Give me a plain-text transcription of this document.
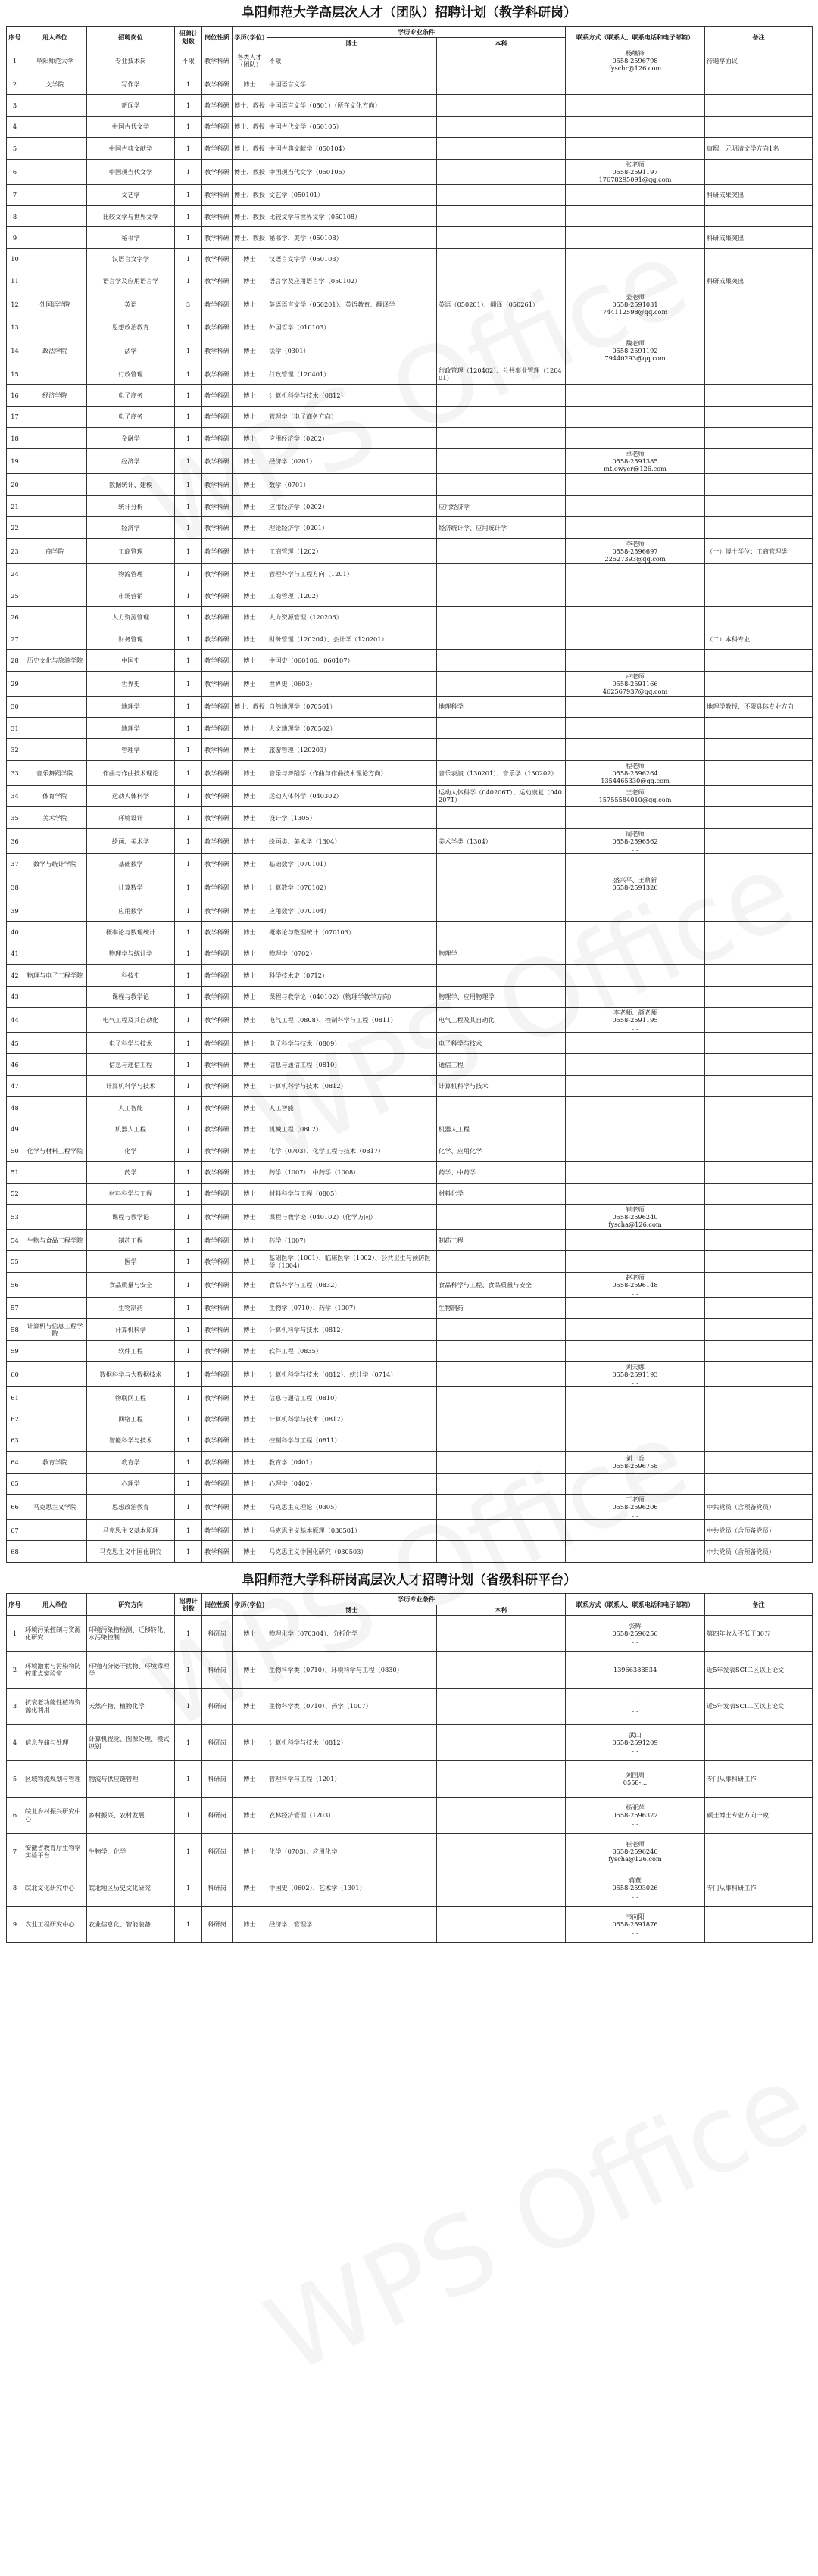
阜阳师范大学高层次人才（团队）招聘计划（教学科研岗）
序号	用人单位	招聘岗位	招聘计划数	岗位性质	学历(学位)	学历专业条件		联系方式（联系人、联系电话和电子邮箱）	备注
						博士	本科		
1	阜阳师范大学	专业技术岗	不限	教学科研	各类人才（团队）	不限		杨继锋
0558-2596798
fyschr@126.com	待遇享面议
2	文学院	写作学	1	教学科研	博士	中国语言文学			
3		新闻学	1	教学科研	博士、教授	中国语言文学（0501）（所在文化方向）			
4		中国古代文学	1	教学科研	博士、教授	中国古代文学（050105）			
5		中国古典文献学	1	教学科研	博士、教授	中国古典文献学（050104）			康熙、元明清文学方向1名
6		中国现当代文学	1	教学科研	博士、教授	中国现当代文学（050106）		张老师
0558-2591197
17678295091@qq.com	
7		文艺学	1	教学科研	博士、教授	文艺学（050101）			科研成果突出
8		比较文学与世界文学	1	教学科研	博士、教授	比较文学与世界文学（050108）			
9		秘书学	1	教学科研	博士、教授	秘书学、美学（050108）			科研成果突出
10		汉语言文字学	1	教学科研	博士	汉语言文字学（050103）			
11		语言学及应用语言学	1	教学科研	博士	语言学及应用语言学（050102）			科研成果突出
12	外国语学院	英语	3	教学科研	博士	英语语言文学（050201）、英语教育、翻译学	英语（050201）、翻译（050261）	姜老师
0558-2591031
744112598@qq.com	
13		思想政治教育	1	教学科研	博士	外国哲学（010103）			
14	政法学院	法学	1	教学科研	博士	法学（0301）		魏老师
0558-2591192
79440293@qq.com	
15		行政管理	1	教学科研	博士	行政管理（120401）	行政管理（120402）、公共事业管理（120401）		
16	经济学院	电子商务	1	教学科研	博士	计算机科学与技术（0812）			
17		电子商务	1	教学科研	博士	管理学（电子商务方向）			
18		金融学	1	教学科研	博士	应用经济学（0202）			
19		经济学	1	教学科研	博士	经济学（0201）		卓老师
0558-2591385
mtlowyer@126.com	
20		数据统计、建模	1	教学科研	博士	数学（0701）			
21		统计分析	1	教学科研	博士	应用经济学（0202）	应用经济学		
22		经济学	1	教学科研	博士	理论经济学（0201）	经济统计学、应用统计学		
23	商学院	工商管理	1	教学科研	博士	工商管理（1202）		李老师
0558-2596697
22527393@qq.com	（一）博士学位：工商管理类
24		物流管理	1	教学科研	博士	管理科学与工程方向（1201）			
25		市场营销	1	教学科研	博士	工商管理（1202）			
26		人力资源管理	1	教学科研	博士	人力资源管理（120206）			
27		财务管理	1	教学科研	博士	财务管理（120204）、会计学（120201）			（二）本科专业
28	历史文化与旅游学院	中国史	1	教学科研	博士	中国史（060106、060107）			
29		世界史	1	教学科研	博士	世界史（0603）		卢老师
0558-2591166
462567937@qq.com	
30		地理学	1	教学科研	博士、教授	自然地理学（070501）	地理科学		地理学教授，不限具体专业方向
31		地理学	1	教学科研	博士	人文地理学（070502）			
32		管理学	1	教学科研	博士	旅游管理（120203）			
33	音乐舞蹈学院	作曲与作曲技术理论	1	教学科研	博士	音乐与舞蹈学（作曲与作曲技术理论方向）	音乐表演（130201）、音乐学（130202）	程老师
0558-2596264
1354465330@qq.com	
34	体育学院	运动人体科学	1	教学科研	博士	运动人体科学（040302）	运动人体科学（040206T）、运动康复（040207T）	王老师
15755584010@qq.com	
35	美术学院	环境设计	1	教学科研	博士	设计学（1305）			
36		绘画、美术学	1	教学科研	博士	绘画类、美术学（1304）	美术学类（1304）	周老师
0558-2596562
...	
37	数学与统计学院	基础数学	1	教学科研	博士	基础数学（070101）			
38		计算数学	1	教学科研	博士	计算数学（070102）		盛兴平、王鼎新
0558-2591326
...	
39		应用数学	1	教学科研	博士	应用数学（070104）			
40		概率论与数理统计	1	教学科研	博士	概率论与数理统计（070103）			
41		物理学与统计学	1	教学科研	博士	物理学（0702）	物理学		
42	物理与电子工程学院	科技史	1	教学科研	博士	科学技术史（0712）			
43		课程与教学论	1	教学科研	博士	课程与教学论（040102）（物理学教学方向）	物理学、应用物理学		
44		电气工程及其自动化	1	教学科研	博士	电气工程（0808）、控制科学与工程（0811）	电气工程及其自动化	李老师、颜老师
0558-2591195
...	
45		电子科学与技术	1	教学科研	博士	电子科学与技术（0809）	电子科学与技术		
46		信息与通信工程	1	教学科研	博士	信息与通信工程（0810）	通信工程		
47		计算机科学与技术	1	教学科研	博士	计算机科学与技术（0812）	计算机科学与技术		
48		人工智能	1	教学科研	博士	人工智能			
49		机器人工程	1	教学科研	博士	机械工程（0802）	机器人工程		
50	化学与材料工程学院	化学	1	教学科研	博士	化学（0703）、化学工程与技术（0817）	化学、应用化学		
51		药学	1	教学科研	博士	药学（1007）、中药学（1008）	药学、中药学		
52		材料科学与工程	1	教学科研	博士	材料科学与工程（0805）	材料化学		
53		课程与教学论	1	教学科研	博士	课程与教学论（040102）（化学方向）		崔老师
0558-2596240
fyscha@126.com	
54	生物与食品工程学院	制药工程	1	教学科研	博士	药学（1007）	制药工程		
55		医学	1	教学科研	博士	基础医学（1001）、临床医学（1002）、公共卫生与预防医学（1004）			
56		食品质量与安全	1	教学科研	博士	食品科学与工程（0832）	食品科学与工程、食品质量与安全	赵老师
0558-2596148
...	
57		生物制药	1	教学科研	博士	生物学（0710）、药学（1007）	生物制药		
58	计算机与信息工程学院	计算机科学	1	教学科研	博士	计算机科学与技术（0812）			
59		软件工程	1	教学科研	博士	软件工程（0835）			
60		数据科学与大数据技术	1	教学科研	博士	计算机科学与技术（0812）、统计学（0714）		刘天娜
0558-2591193
...	
61		物联网工程	1	教学科研	博士	信息与通信工程（0810）			
62		网络工程	1	教学科研	博士	计算机科学与技术（0812）			
63		智能科学与技术	1	教学科研	博士	控制科学与工程（0811）			
64	教育学院	教育学	1	教学科研	博士	教育学（0401）		刘士兵
0558-2596758	
65		心理学	1	教学科研	博士	心理学（0402）			
66	马克思主义学院	思想政治教育	1	教学科研	博士	马克思主义理论（0305）		王老师
0558-2596206
...	中共党员（含预备党员）
67		马克思主义基本原理	1	教学科研	博士	马克思主义基本原理（030501）			中共党员（含预备党员）
68		马克思主义中国化研究	1	教学科研	博士	马克思主义中国化研究（030503）			中共党员（含预备党员）
阜阳师范大学科研岗高层次人才招聘计划（省级科研平台）
序号	用人单位	研究方向	招聘计划数	岗位性质	学历(学位)	学历专业条件		联系方式（联系人、联系电话和电子邮箱）	备注
						博士	本科		
1	环境污染控制与资源化研究	环境污染物检测、迁移转化、水污染控制	1	科研岗	博士	物理化学（070304）、分析化学		张辉
0558-2596256
...	第四年收入不低于30万
2	环境激素与污染物防控重点实验室	环境内分泌干扰物、环境毒理学	1	科研岗	博士	生物科学类（0710）、环境科学与工程（0830）		...
13966388534
...	近5年发表SCI二区以上论文
3	抗衰老功能性植物资源化利用	天然产物、植物化学	1	科研岗	博士	生物科学类（0710）、药学（1007）		...
...	近5年发表SCI二区以上论文
4	信息存储与处理	计算机视觉、图像处理、模式识别	1	科研岗	博士	计算机科学与技术（0812）		武山
0558-2591209
...	
5	区域物流规划与管理	物流与供应链管理	1	科研岗	博士	管理科学与工程（1201）		刘国周
0558-...	专门从事科研工作
6	皖北乡村振兴研究中心	乡村振兴、农村发展	1	科研岗	博士	农林经济管理（1203）		杨亚萍
0558-2596322
...	硕士博士专业方向一致
7	安徽省教育厅生物学实验平台	生物学、化学	1	科研岗	博士	化学（0703）、应用化学		崔老师
0558-2596240
fyscha@126.com	
8	皖北文化研究中心	皖北地区历史文化研究	1	科研岗	博士	中国史（0602）、艺术学（1301）		蒋董
0558-2593026
...	专门从事科研工作
9	农业工程研究中心	农业信息化、智能装备	1	科研岗	博士	经济学、管理学		韦向阳
0558-2591876
...	
